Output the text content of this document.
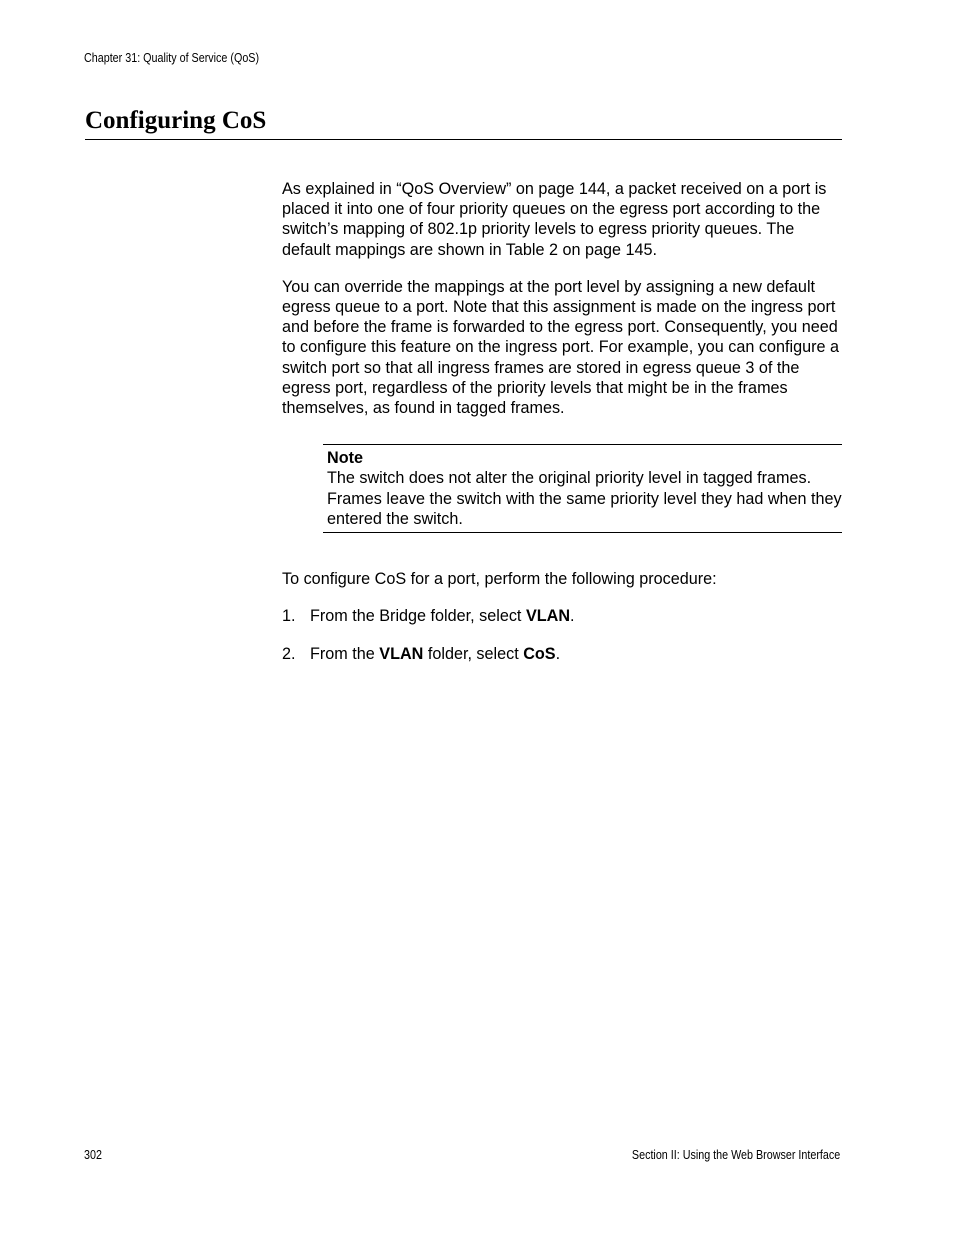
Chapter 31: Quality of Service (QoS)
Configuring CoS

As explained in “QoS Overview” on page 144, a packet received on a port is placed it into one of four priority queues on the egress port according to the switch’s mapping of 802.1p priority levels to egress priority queues. The default mappings are shown in Table 2 on page 145.

You can override the mappings at the port level by assigning a new default egress queue to a port. Note that this assignment is made on the ingress port and before the frame is forwarded to the egress port. Consequently, you need to configure this feature on the ingress port. For example, you can configure a switch port so that all ingress frames are stored in egress queue 3 of the egress port, regardless of the priority levels that might be in the frames themselves, as found in tagged frames.

Note
The switch does not alter the original priority level in tagged frames. Frames leave the switch with the same priority level they had when they entered the switch.

To configure CoS for a port, perform the following procedure:

1. From the Bridge folder, select VLAN.
2. From the VLAN folder, select CoS.
302	Section II: Using the Web Browser Interface
